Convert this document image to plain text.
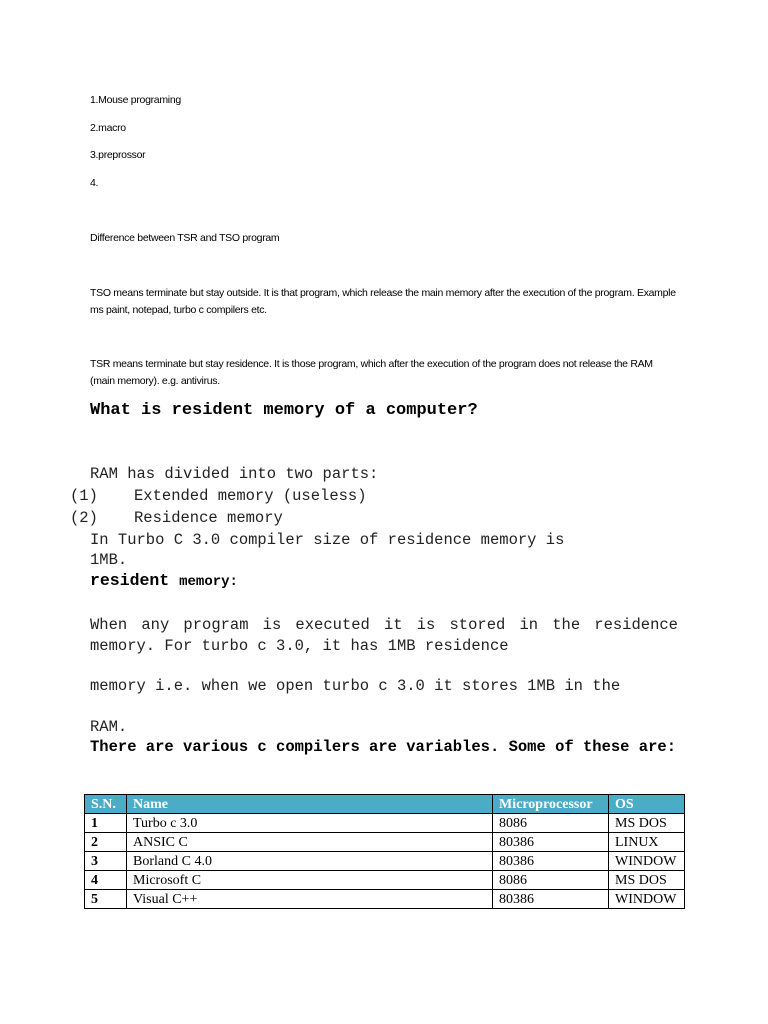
1.Mouse programing

2.macro

3.preprossor

4.

Difference between TSR and TSO program

TSO means terminate but stay outside. It is that program, which release the main memory after the execution of the program. Example ms paint, notepad, turbo c compilers etc.

TSR means terminate but stay residence. It is those program, which after the execution of the program does not release the RAM (main memory). e.g. antivirus.

What is resident memory of a computer?

RAM has divided into two parts:

(1) Extended memory (useless)

(2) Residence memory

In Turbo C 3.0 compiler size of residence memory is

1MB.

resident memory:

When any program is executed it is stored in the residence memory. For turbo c 3.0, it has 1MB residence

memory i.e. when we open turbo c 3.0 it stores 1MB in the

RAM.

There are various c compilers are variables. Some of these are:

S.N.	Name	Microprocessor	OS
1	Turbo c 3.0	8086	MS DOS
2	ANSIC C	80386	LINUX
3	Borland C 4.0	80386	WINDOW
4	Microsoft C	8086	MS DOS
5	Visual C++	80386	WINDOW
